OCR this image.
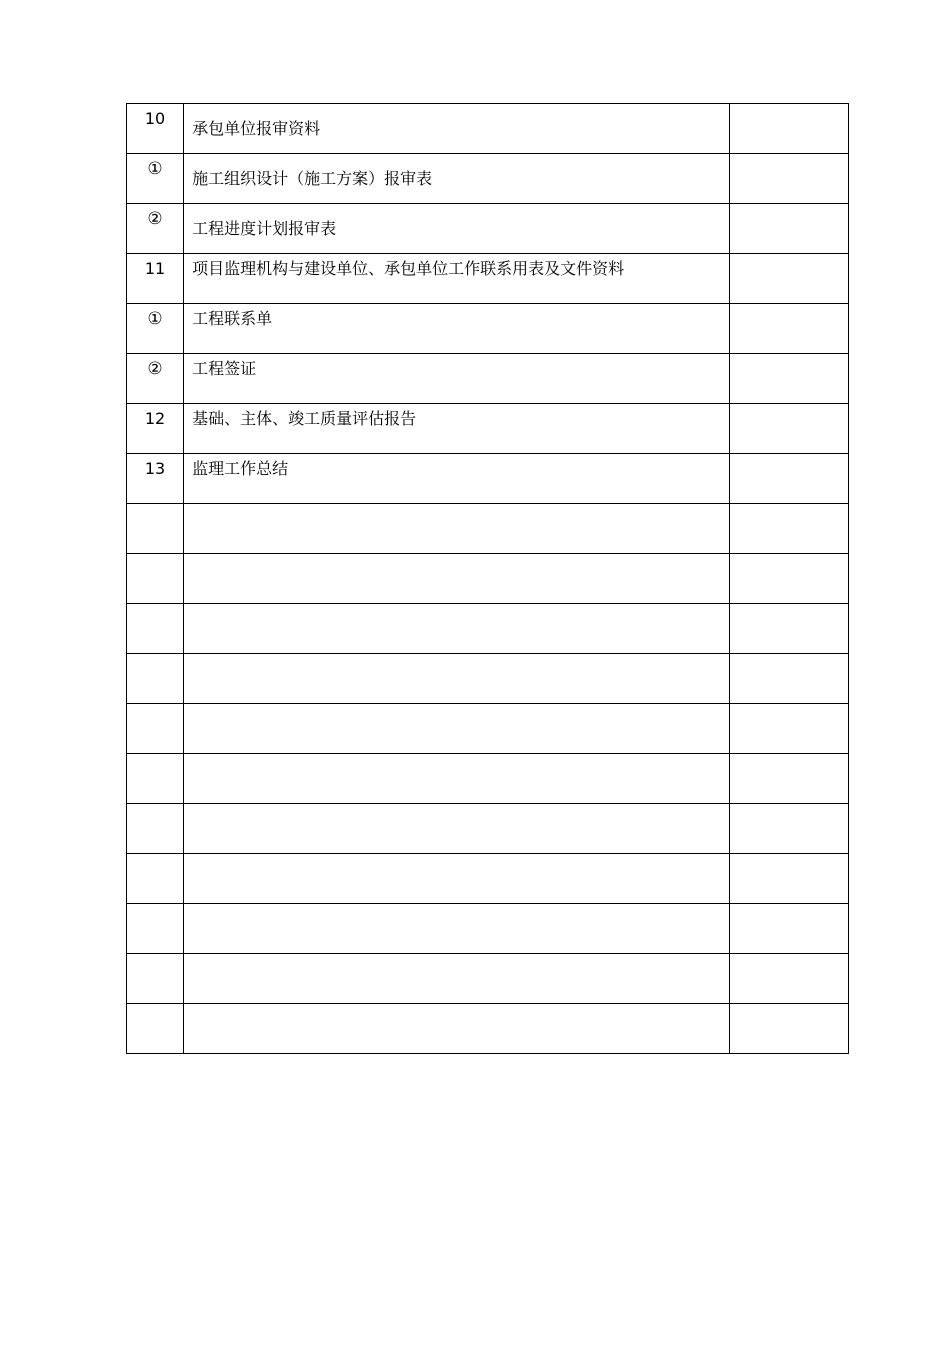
10	承包单位报审资料	
①	施工组织设计（施工方案）报审表	
②	工程进度计划报审表	
11	项目监理机构与建设单位、承包单位工作联系用表及文件资料	
①	工程联系单	
②	工程签证	
12	基础、主体、竣工质量评估报告	
13	监理工作总结	
